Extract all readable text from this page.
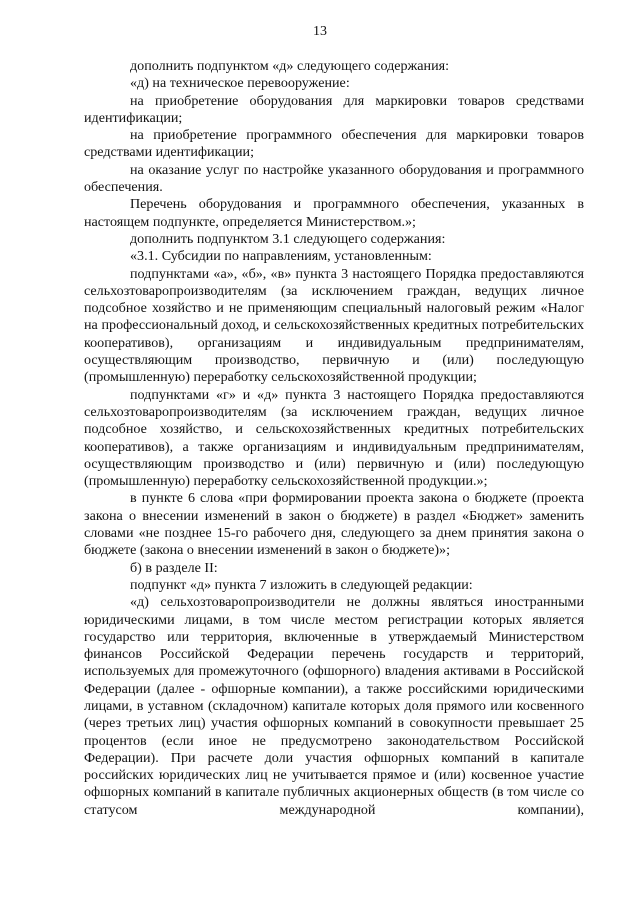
13

дополнить подпунктом «д» следующего содержания:

«д) на техническое перевооружение:

на приобретение оборудования для маркировки товаров средствами идентификации;

на приобретение программного обеспечения для маркировки товаров средствами идентификации;

на оказание услуг по настройке указанного оборудования и программного обеспечения.

Перечень оборудования и программного обеспечения, указанных в настоящем подпункте, определяется Министерством.»;

дополнить подпунктом 3.1 следующего содержания:

«3.1. Субсидии по направлениям, установленным:

подпунктами «а», «б», «в» пункта 3 настоящего Порядка предоставляются сельхозтоваропроизводителям (за исключением граждан, ведущих личное подсобное хозяйство и не применяющим специальный налоговый режим «Налог на профессиональный доход, и сельскохозяйственных кредитных потребительских кооперативов), организациям и индивидуальным предпринимателям, осуществляющим производство, первичную и (или) последующую (промышленную) переработку сельскохозяйственной продукции;

подпунктами «г» и «д» пункта 3 настоящего Порядка предоставляются сельхозтоваропроизводителям (за исключением граждан, ведущих личное подсобное хозяйство, и сельскохозяйственных кредитных потребительских кооперативов), а также организациям и индивидуальным предпринимателям, осуществляющим производство и (или) первичную и (или) последующую (промышленную) переработку сельскохозяйственной продукции.»;

в пункте 6 слова «при формировании проекта закона о бюджете (проекта закона о внесении изменений в закон о бюджете) в раздел «Бюджет» заменить словами «не позднее 15-го рабочего дня, следующего за днем принятия закона о бюджете (закона о внесении изменений в закон о бюджете)»;

б) в разделе II:

подпункт «д» пункта 7 изложить в следующей редакции:

«д) сельхозтоваропроизводители не должны являться иностранными юридическими лицами, в том числе местом регистрации которых является государство или территория, включенные в утверждаемый Министерством финансов Российской Федерации перечень государств и территорий, используемых для промежуточного (офшорного) владения активами в Российской Федерации (далее - офшорные компании), а также российскими юридическими лицами, в уставном (складочном) капитале которых доля прямого или косвенного (через третьих лиц) участия офшорных компаний в совокупности превышает 25 процентов (если иное не предусмотрено законодательством Российской Федерации). При расчете доли участия офшорных компаний в капитале российских юридических лиц не учитывается прямое и (или) косвенное участие офшорных компаний в капитале публичных акционерных обществ (в том числе со статусом международной компании),
